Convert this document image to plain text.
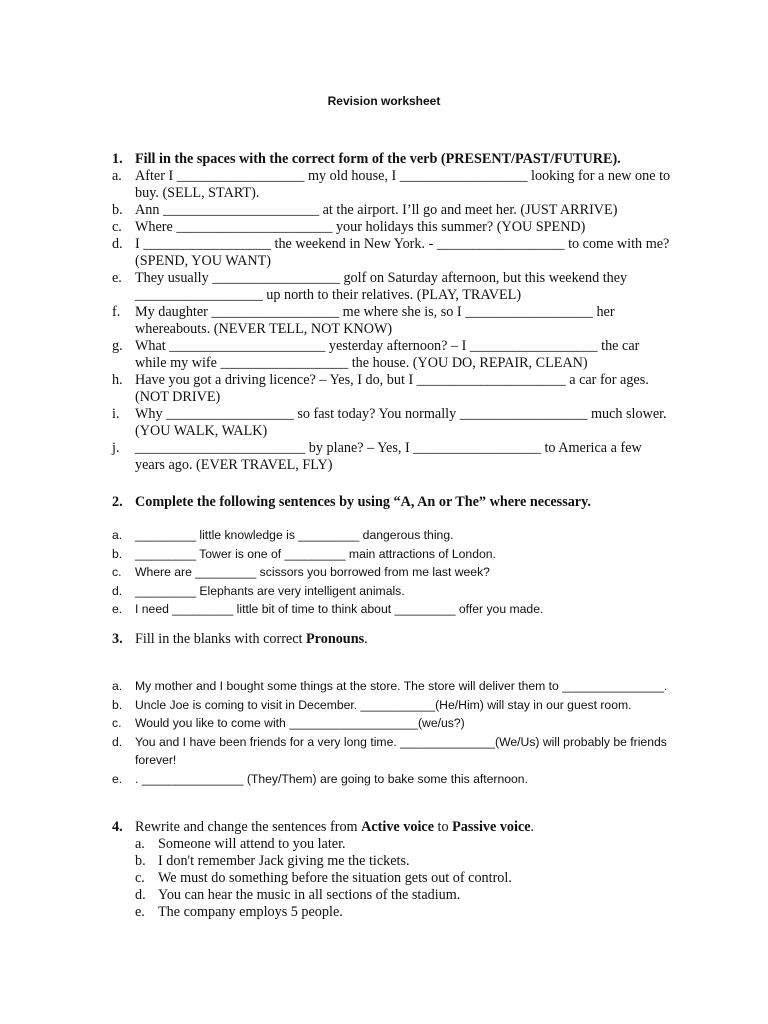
Revision worksheet
1. Fill in the spaces with the correct form of the verb (PRESENT/PAST/FUTURE).
a. After I __________________ my old house, I __________________ looking for a new one to buy. (SELL, START).
b. Ann ______________________ at the airport. I’ll go and meet her. (JUST ARRIVE)
c. Where ______________________ your holidays this summer? (YOU SPEND)
d. I __________________ the weekend in New York. - __________________ to come with me? (SPEND, YOU WANT)
e. They usually __________________ golf on Saturday afternoon, but this weekend they __________________ up north to their relatives. (PLAY, TRAVEL)
f.	My daughter __________________ me where she is, so I __________________ her whereabouts. (NEVER TELL, NOT KNOW)
g. What ______________________ yesterday afternoon? – I __________________ the car while my wife __________________ the house. (YOU DO, REPAIR, CLEAN)
h. Have you got a driving licence? – Yes, I do, but I _____________________ a car for ages. (NOT DRIVE)
i.	Why __________________ so fast today? You normally __________________ much slower. (YOU WALK, WALK)
j.	________________________ by plane? – Yes, I __________________ to America a few years ago. (EVER TRAVEL, FLY)
2. Complete the following sentences by using “A, An or The” where necessary.
a.	_________ little knowledge is _________ dangerous thing.
b.	_________ Tower is one of _________ main attractions of London.
c.	Where are _________ scissors you borrowed from me last week?
d.	_________ Elephants are very intelligent animals.
e.	I need _________ little bit of time to think about _________ offer you made.
3. Fill in the blanks with correct Pronouns.
a.	My mother and I bought some things at the store. The store will deliver them to _______________.
b.	Uncle Joe is coming to visit in December. ___________(He/Him) will stay in our guest room.
c.	Would you like to come with ___________________(we/us?)
d.	You and I have been friends for a very long time. ______________(We/Us) will probably be friends forever!
e.	. _______________ (They/Them) are going to bake some this afternoon.
4. Rewrite and change the sentences from Active voice to Passive voice.
a. Someone will attend to you later.
b. I don't remember Jack giving me the tickets.
c. We must do something before the situation gets out of control.
d. You can hear the music in all sections of the stadium.
e. The company employs 5 people.
